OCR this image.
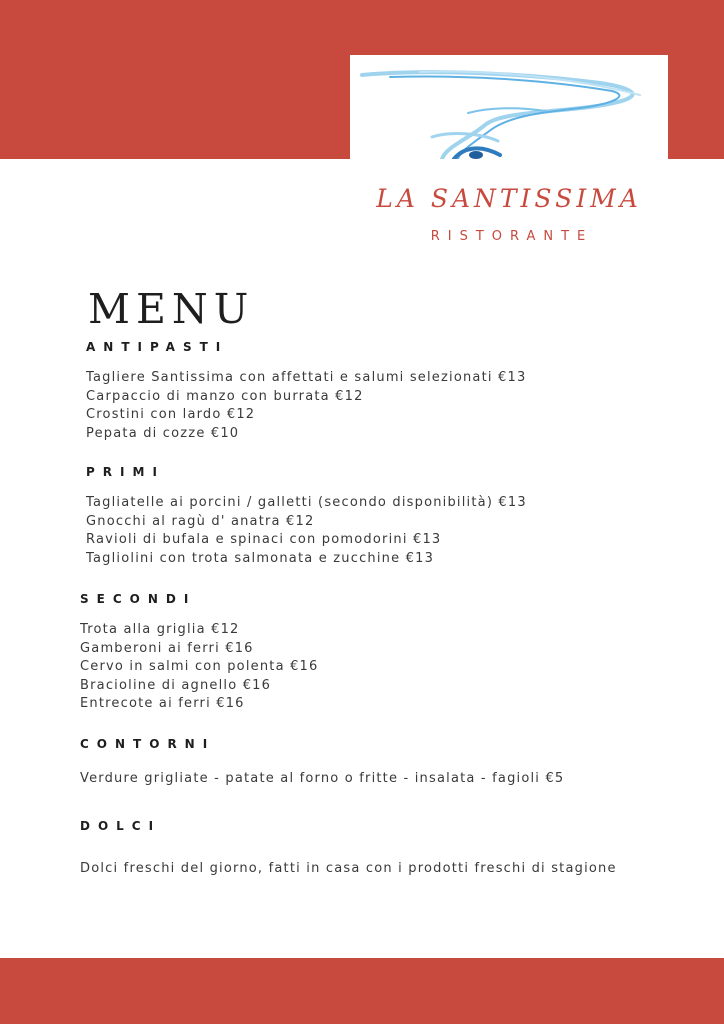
LA SANTISSIMA
RISTORANTE
MENU
ANTIPASTI
Tagliere Santissima con affettati e salumi selezionati €13
Carpaccio di manzo con burrata €12
Crostini con lardo €12
Pepata di cozze €10
PRIMI
Tagliatelle ai porcini / galletti (secondo disponibilità) €13
Gnocchi al ragù d' anatra €12
Ravioli di bufala e spinaci con pomodorini €13
Tagliolini con trota salmonata e zucchine €13
SECONDI
Trota alla griglia €12
Gamberoni ai ferri €16
Cervo in salmi con polenta €16
Bracioline di agnello €16
Entrecote ai ferri €16
CONTORNI
Verdure grigliate - patate al forno o fritte - insalata - fagioli €5
DOLCI
Dolci freschi del giorno, fatti in casa con i prodotti freschi di stagione
